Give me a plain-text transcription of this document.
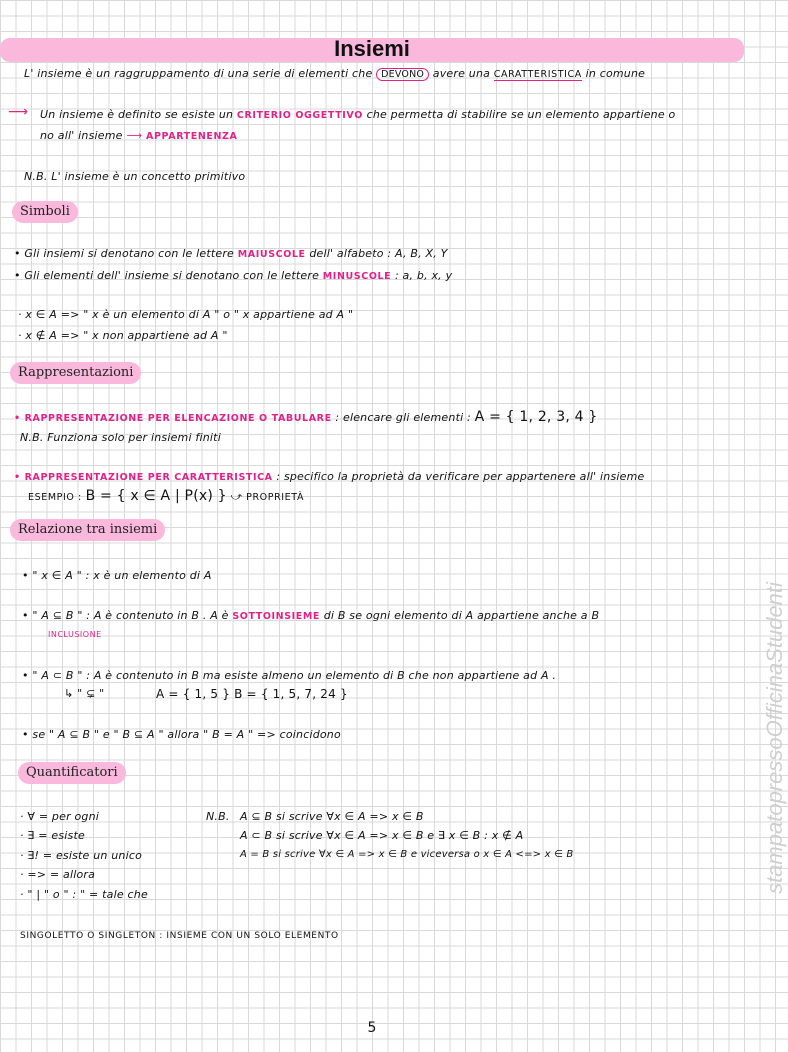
Insiemi
L' insieme è un raggruppamento di una serie di elementi che DEVONO avere una CARATTERISTICA in comune
⟶ Un insieme è definito se esiste un CRITERIO OGGETTIVO che permetta di stabilire se un elemento appartiene o
no all' insieme ⟶ APPARTENENZA
N.B. L' insieme è un concetto primitivo
Simboli
• Gli insiemi si denotano con le lettere MAIUSCOLE dell' alfabeto : A, B, X, Y
• Gli elementi dell' insieme si denotano con le lettere MINUSCOLE : a, b, x, y
· x ∈ A => " x è un elemento di A " o " x appartiene ad A "
· x ∉ A => " x non appartiene ad A "
Rappresentazioni
• RAPPRESENTAZIONE PER ELENCAZIONE O TABULARE : elencare gli elementi : A = { 1, 2, 3, 4 }
N.B. Funziona solo per insiemi finiti
• RAPPRESENTAZIONE PER CARATTERISTICA : specifico la proprietà da verificare per appartenere all' insieme
ESEMPIO : B = { x ∈ A | P(x) } ⤻ PROPRIETÀ
Relazione tra insiemi
• " x ∈ A " : x è un elemento di A
• " A ⊆ B " : A è contenuto in B . A è SOTTOINSIEME di B se ogni elemento di A appartiene anche a B
INCLUSIONE
• " A ⊂ B " : A è contenuto in B ma esiste almeno un elemento di B che non appartiene ad A .
↳ " ⊊ "	A = { 1, 5 } B = { 1, 5, 7, 24 }
• se " A ⊆ B " e " B ⊆ A " allora " B = A " => coincidono
Quantificatori
· ∀ = per ogni
· ∃ = esiste
· ∃! = esiste un unico
· => = allora
· " | " o " : " = tale che
N.B. A ⊆ B si scrive ∀x ∈ A => x ∈ B
A ⊂ B si scrive ∀x ∈ A => x ∈ B e ∃ x ∈ B : x ∉ A
A = B si scrive ∀x ∈ A => x ∈ B e viceversa o x ∈ A <=> x ∈ B
SINGOLETTO O SINGLETON : INSIEME CON UN SOLO ELEMENTO
stampatopressoOfficinaStudenti
5
